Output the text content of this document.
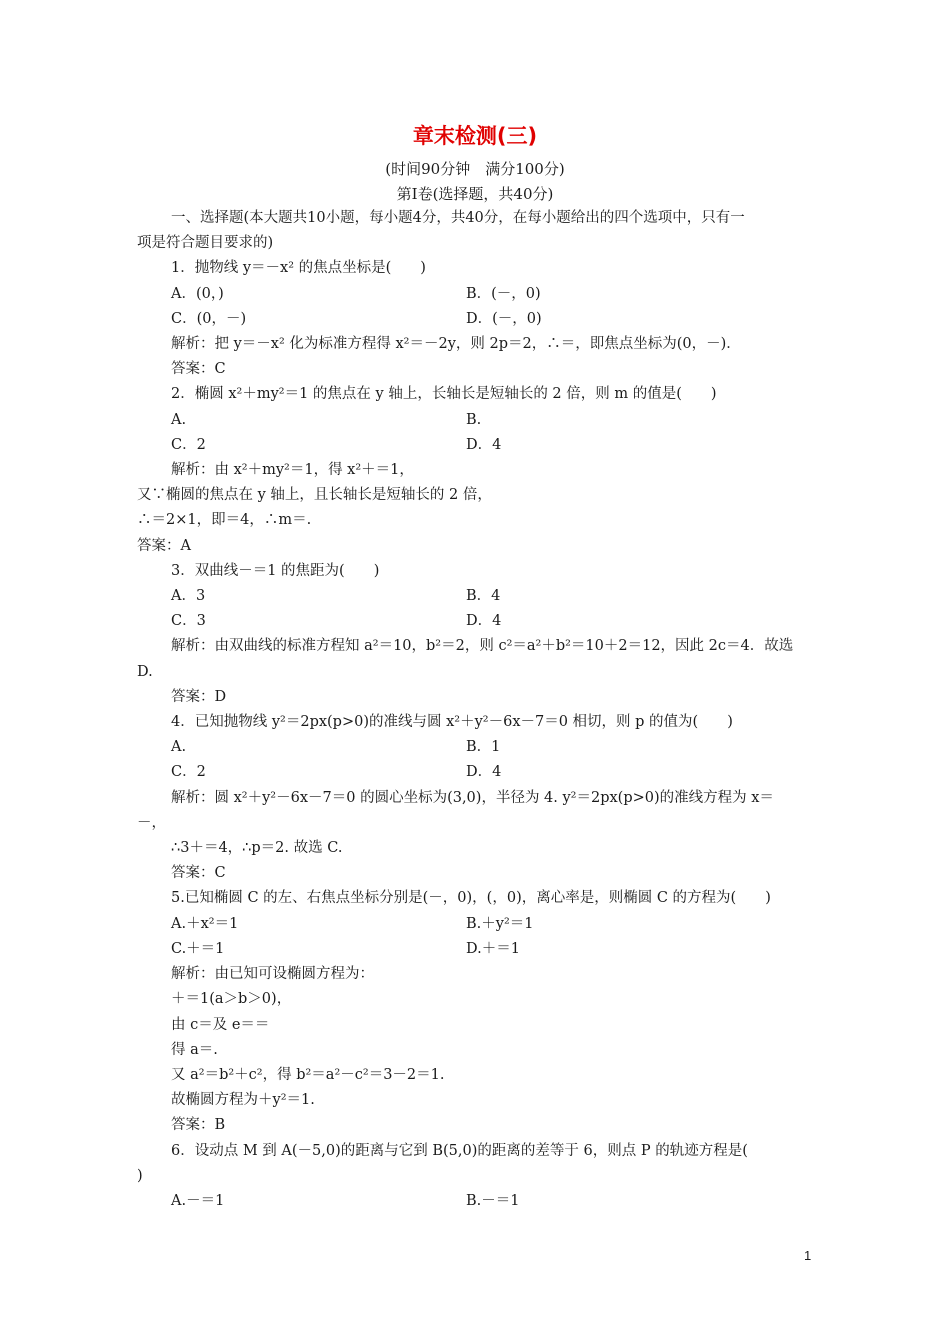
章末检测(三)
(时间90分钟　满分100分)
第Ⅰ卷(选择题，共40分)
一、选择题(本大题共10小题，每小题4分，共40分，在每小题给出的四个选项中，只有一
项是符合题目要求的)
1．抛物线 y＝－x² 的焦点坐标是(　　)
A．(0，)	B．(－，0)
C．(0，－)	D．(－，0)
解析：把 y＝－x² 化为标准方程得 x²＝－2y，则 2p＝2，∴＝，即焦点坐标为(0，－)．
答案：C
2．椭圆 x²＋my²＝1 的焦点在 y 轴上，长轴长是短轴长的 2 倍，则 m 的值是(　　)
A.	B.
C．2	D．4
解析：由 x²＋my²＝1，得 x²＋＝1，
又∵椭圆的焦点在 y 轴上，且长轴长是短轴长的 2 倍，
∴＝2×1，即＝4，∴m＝.
答案：A
3．双曲线－＝1 的焦距为(　　)
A．3	B．4
C．3	D．4
解析：由双曲线的标准方程知 a²＝10，b²＝2，则 c²＝a²＋b²＝10＋2＝12，因此 2c＝4．故选
D.
答案：D
4．已知抛物线 y²＝2px(p>0)的准线与圆 x²＋y²－6x－7＝0 相切，则 p 的值为(　　)
A.	B．1
C．2	D．4
解析：圆 x²＋y²－6x－7＝0 的圆心坐标为(3,0)，半径为 4. y²＝2px(p>0)的准线方程为 x＝
－，
∴3＋＝4，∴p＝2. 故选 C.
答案：C
5.已知椭圆 C 的左、右焦点坐标分别是(－，0)，(，0)，离心率是，则椭圆 C 的方程为(　　)
A.＋x²＝1	B.＋y²＝1
C.＋＝1	D.＋＝1
解析：由已知可设椭圆方程为：
＋＝1(a＞b＞0)，
由 c＝及 e＝＝
得 a＝.
又 a²＝b²＋c²，得 b²＝a²－c²＝3－2＝1.
故椭圆方程为＋y²＝1.
答案：B
6．设动点 M 到 A(－5,0)的距离与它到 B(5,0)的距离的差等于 6，则点 P 的轨迹方程是(
)
A.－＝1	B.－＝1
1
